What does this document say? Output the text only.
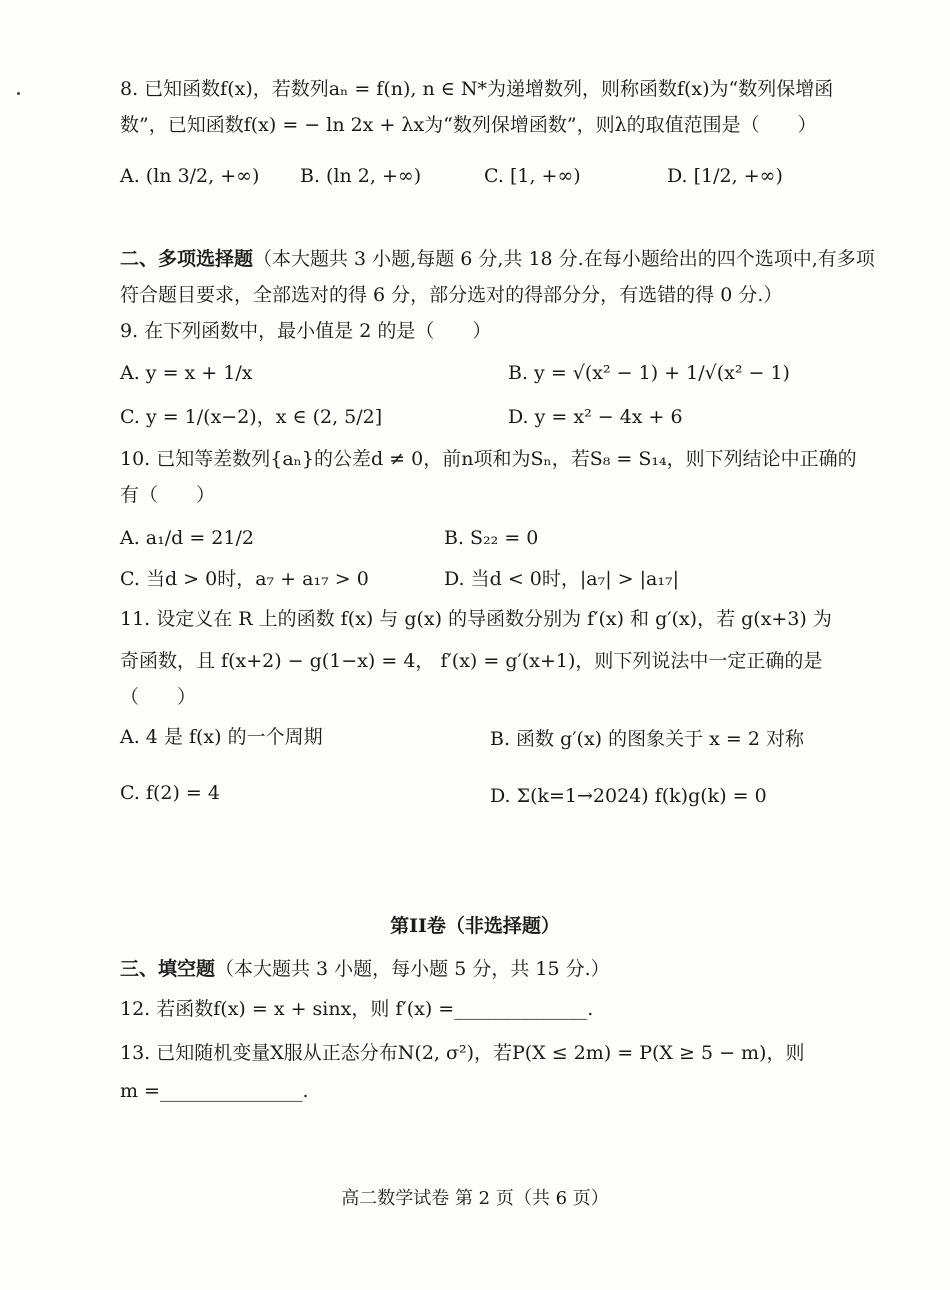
8. 已知函数f(x)，若数列aₙ = f(n), n ∈ N*为递增数列，则称函数f(x)为“数列保增函
数”，已知函数f(x) = − ln 2x + λx为“数列保增函数”，则λ的取值范围是（　　）
A. (ln 3/2, +∞) B. (ln 2, +∞)	C. [1, +∞)	D. [1/2, +∞)
二、多项选择题（本大题共 3 小题,每题 6 分,共 18 分.在每小题给出的四个选项中,有多项
符合题目要求，全部选对的得 6 分，部分选对的得部分分，有选错的得 0 分.）
9. 在下列函数中，最小值是 2 的是（　　）
A. y = x + 1/x	B. y = √(x² − 1) + 1/√(x² − 1)
C. y = 1/(x−2)，x ∈ (2, 5/2]	D. y = x² − 4x + 6
10. 已知等差数列{aₙ}的公差d ≠ 0，前n项和为Sₙ，若S₈ = S₁₄，则下列结论中正确的
有（　　）
A. a₁/d = 21/2	B. S₂₂ = 0
C. 当d > 0时，a₇ + a₁₇ > 0	D. 当d < 0时，|a₇| > |a₁₇|
11. 设定义在 R 上的函数 f(x) 与 g(x) 的导函数分别为 f′(x) 和 g′(x)，若 g(x+3) 为
奇函数，且 f(x+2) − g(1−x) = 4， f′(x) = g′(x+1)，则下列说法中一定正确的是
（　　）
A. 4 是 f(x) 的一个周期	B. 函数 g′(x) 的图象关于 x = 2 对称
C. f(2) = 4	D. Σ(k=1→2024) f(k)g(k) = 0
第II卷（非选择题）
三、填空题（本大题共 3 小题，每小题 5 分，共 15 分.）
12. 若函数f(x) = x + sinx，则 f′(x) =______________.
13. 已知随机变量X服从正态分布N(2, σ²)，若P(X ≤ 2m) = P(X ≥ 5 − m)，则
m =_______________.
高二数学试卷 第 2 页（共 6 页）
